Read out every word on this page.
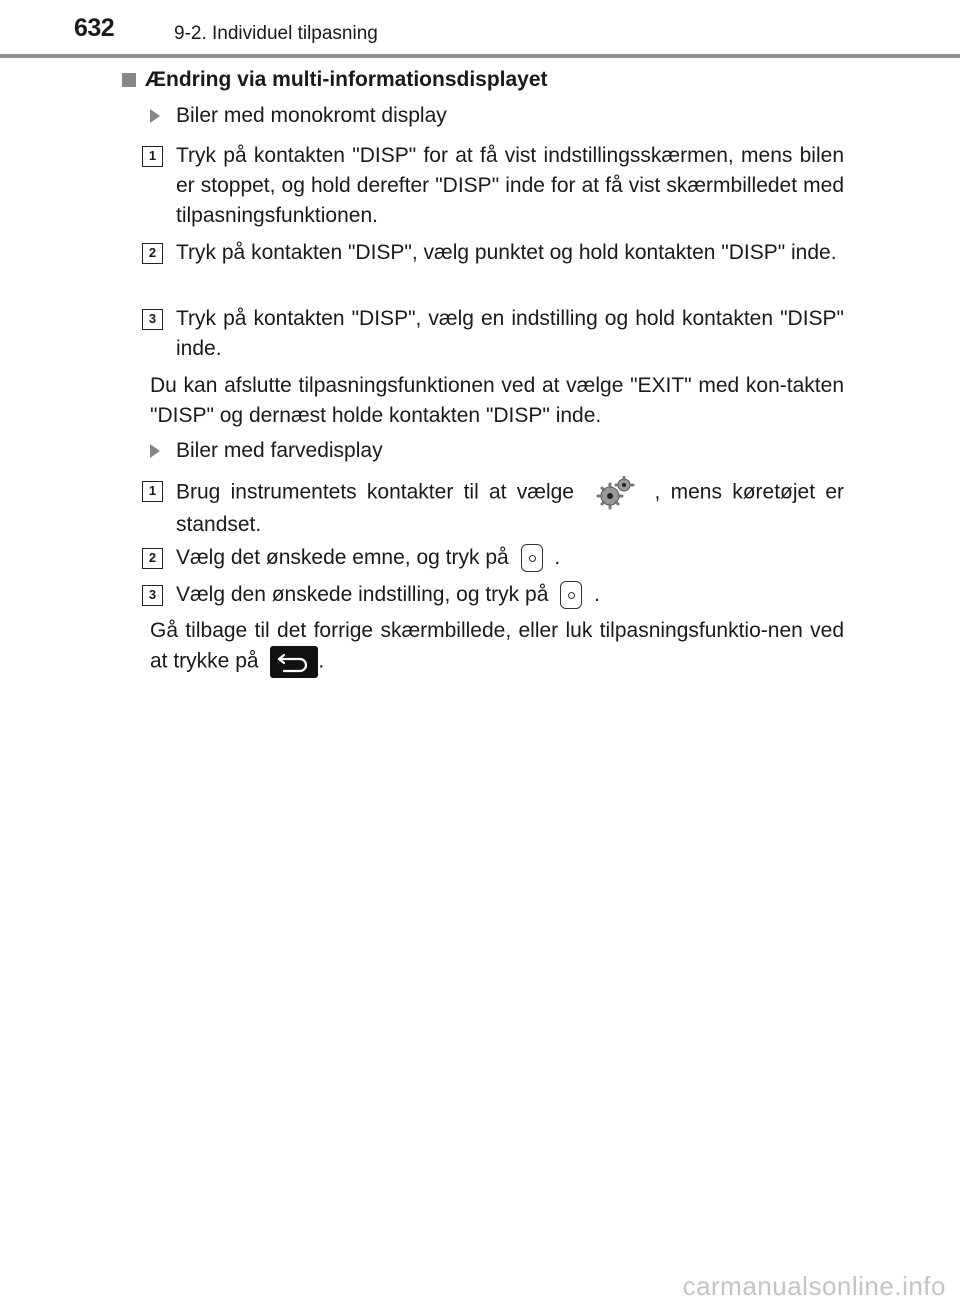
632	9-2. Individuel tilpasning
Ændring via multi-informationsdisplayet
Biler med monokromt display
1 Tryk på kontakten "DISP" for at få vist indstillingsskærmen, mens bilen er stoppet, og hold derefter "DISP" inde for at få vist skærmbilledet med tilpasningsfunktionen.
2 Tryk på kontakten "DISP", vælg punktet og hold kontakten "DISP" inde.
3 Tryk på kontakten "DISP", vælg en indstilling og hold kontakten "DISP" inde.
Du kan afslutte tilpasningsfunktionen ved at vælge "EXIT" med kon-takten "DISP" og dernæst holde kontakten "DISP" inde.
Biler med farvedisplay
1 Brug instrumentets kontakter til at vælge	, mens køretøjet er standset.
2 Vælg det ønskede emne, og tryk på .
3 Vælg den ønskede indstilling, og tryk på .
Gå tilbage til det forrige skærmbillede, eller luk tilpasningsfunktio-nen ved at trykke på	.
carmanualsonline.info
